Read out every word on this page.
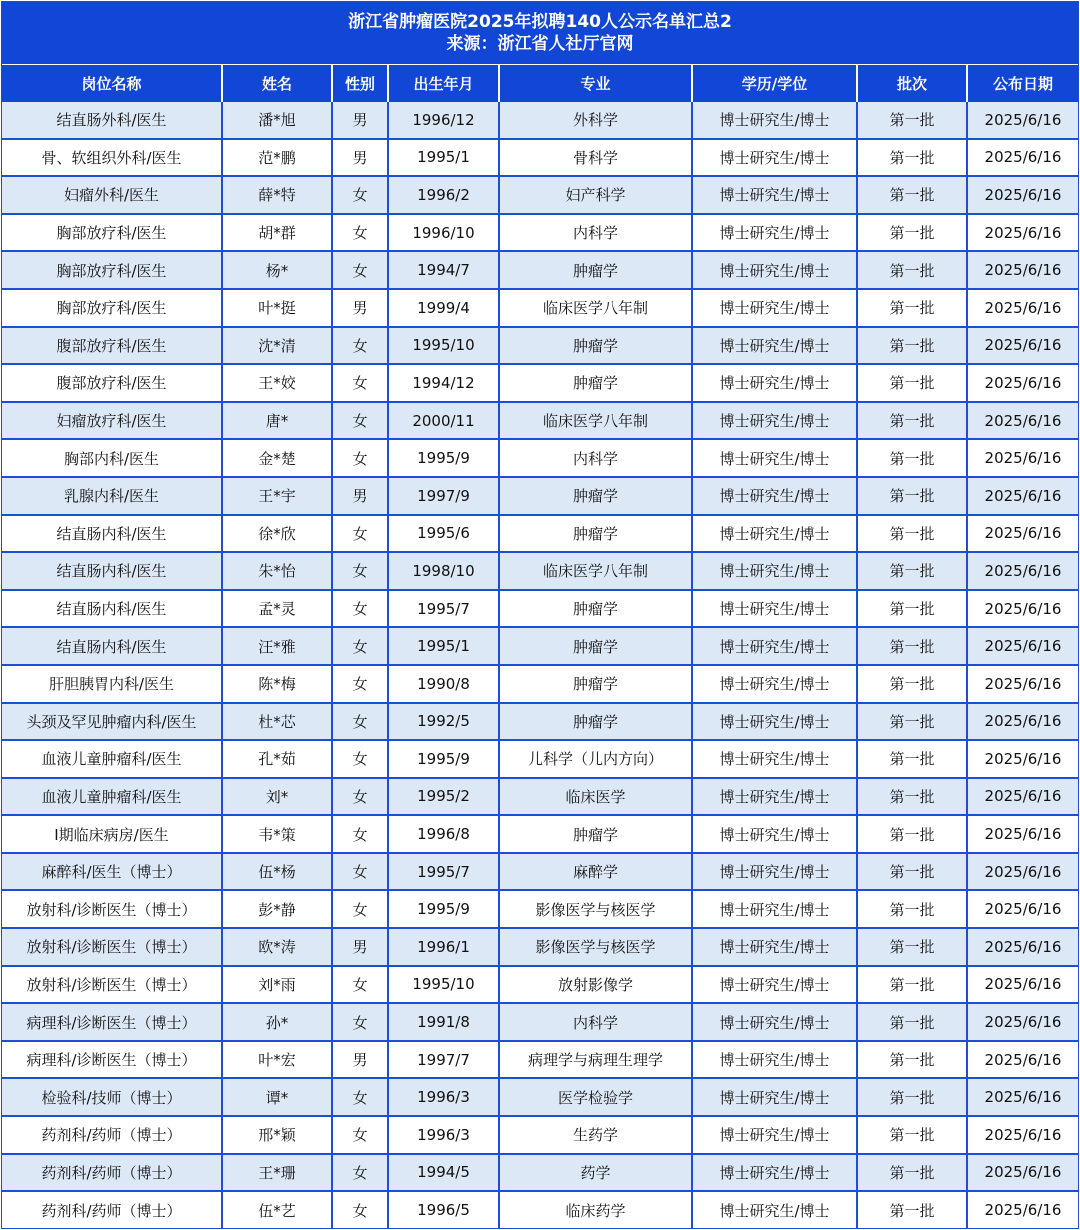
浙江省肿瘤医院2025年拟聘140人公示名单汇总2
来源：浙江省人社厅官网
岗位名称	姓名	性别	出生年月	专业	学历/学位	批次	公布日期
结直肠外科/医生	潘*旭	男	1996/12	外科学	博士研究生/博士	第一批	2025/6/16
骨、软组织外科/医生	范*鹏	男	1995/1	骨科学	博士研究生/博士	第一批	2025/6/16
妇瘤外科/医生	薛*特	女	1996/2	妇产科学	博士研究生/博士	第一批	2025/6/16
胸部放疗科/医生	胡*群	女	1996/10	内科学	博士研究生/博士	第一批	2025/6/16
胸部放疗科/医生	杨*	女	1994/7	肿瘤学	博士研究生/博士	第一批	2025/6/16
胸部放疗科/医生	叶*挺	男	1999/4	临床医学八年制	博士研究生/博士	第一批	2025/6/16
腹部放疗科/医生	沈*清	女	1995/10	肿瘤学	博士研究生/博士	第一批	2025/6/16
腹部放疗科/医生	王*姣	女	1994/12	肿瘤学	博士研究生/博士	第一批	2025/6/16
妇瘤放疗科/医生	唐*	女	2000/11	临床医学八年制	博士研究生/博士	第一批	2025/6/16
胸部内科/医生	金*楚	女	1995/9	内科学	博士研究生/博士	第一批	2025/6/16
乳腺内科/医生	王*宇	男	1997/9	肿瘤学	博士研究生/博士	第一批	2025/6/16
结直肠内科/医生	徐*欣	女	1995/6	肿瘤学	博士研究生/博士	第一批	2025/6/16
结直肠内科/医生	朱*怡	女	1998/10	临床医学八年制	博士研究生/博士	第一批	2025/6/16
结直肠内科/医生	孟*灵	女	1995/7	肿瘤学	博士研究生/博士	第一批	2025/6/16
结直肠内科/医生	汪*雅	女	1995/1	肿瘤学	博士研究生/博士	第一批	2025/6/16
肝胆胰胃内科/医生	陈*梅	女	1990/8	肿瘤学	博士研究生/博士	第一批	2025/6/16
头颈及罕见肿瘤内科/医生	杜*芯	女	1992/5	肿瘤学	博士研究生/博士	第一批	2025/6/16
血液儿童肿瘤科/医生	孔*茹	女	1995/9	儿科学（儿内方向）	博士研究生/博士	第一批	2025/6/16
血液儿童肿瘤科/医生	刘*	女	1995/2	临床医学	博士研究生/博士	第一批	2025/6/16
I期临床病房/医生	韦*策	女	1996/8	肿瘤学	博士研究生/博士	第一批	2025/6/16
麻醉科/医生（博士）	伍*杨	女	1995/7	麻醉学	博士研究生/博士	第一批	2025/6/16
放射科/诊断医生（博士）	彭*静	女	1995/9	影像医学与核医学	博士研究生/博士	第一批	2025/6/16
放射科/诊断医生（博士）	欧*涛	男	1996/1	影像医学与核医学	博士研究生/博士	第一批	2025/6/16
放射科/诊断医生（博士）	刘*雨	女	1995/10	放射影像学	博士研究生/博士	第一批	2025/6/16
病理科/诊断医生（博士）	孙*	女	1991/8	内科学	博士研究生/博士	第一批	2025/6/16
病理科/诊断医生（博士）	叶*宏	男	1997/7	病理学与病理生理学	博士研究生/博士	第一批	2025/6/16
检验科/技师（博士）	谭*	女	1996/3	医学检验学	博士研究生/博士	第一批	2025/6/16
药剂科/药师（博士）	邢*颖	女	1996/3	生药学	博士研究生/博士	第一批	2025/6/16
药剂科/药师（博士）	王*珊	女	1994/5	药学	博士研究生/博士	第一批	2025/6/16
药剂科/药师（博士）	伍*艺	女	1996/5	临床药学	博士研究生/博士	第一批	2025/6/16
